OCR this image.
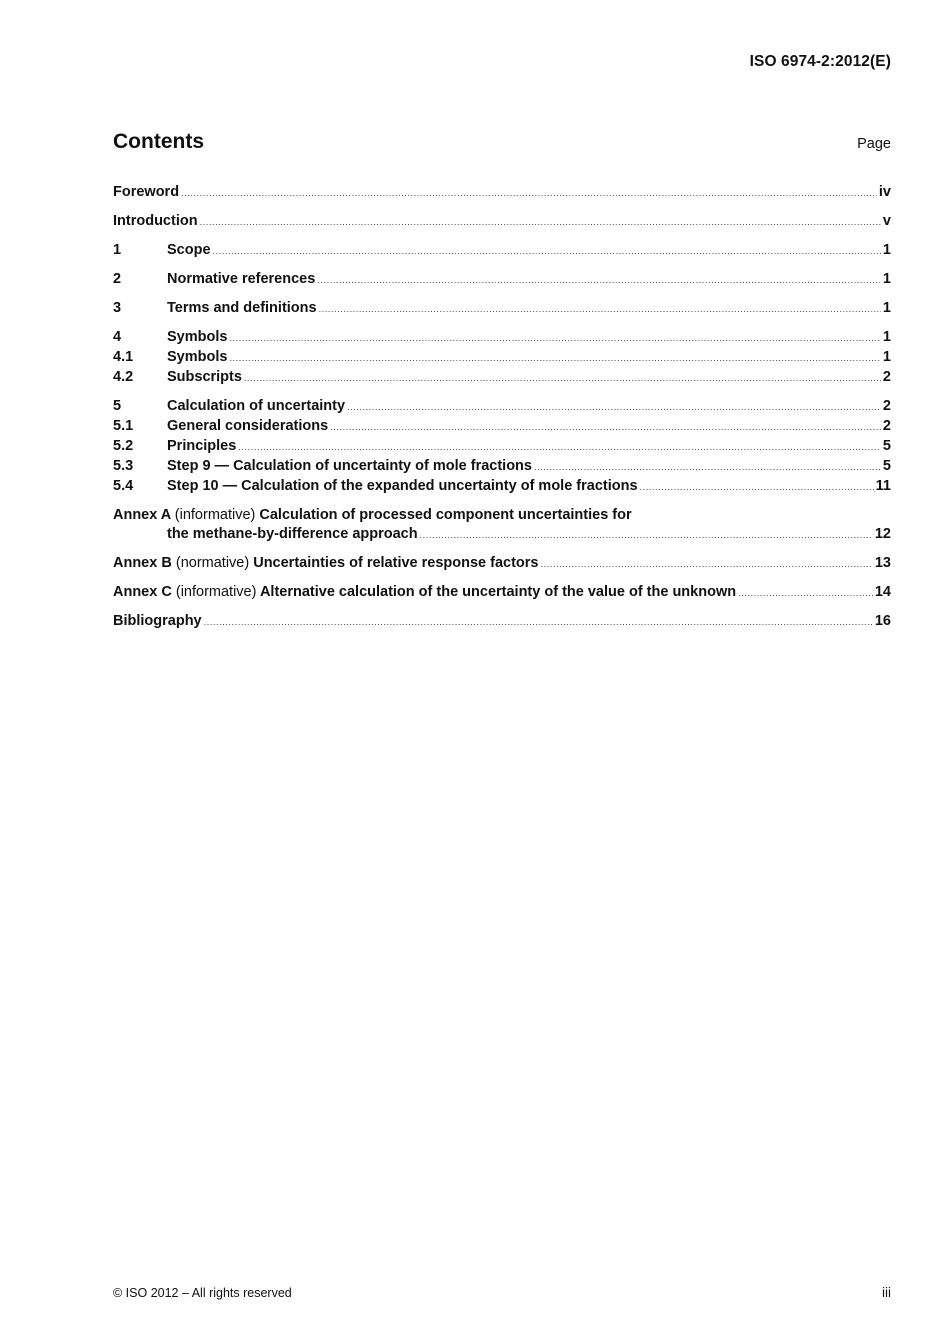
ISO 6974-2:2012(E)
Contents	Page
Foreword .....	iv
Introduction .....	v
1	Scope .....	1
2	Normative references .....	1
3	Terms and definitions .....	1
4	Symbols .....	1
4.1	Symbols .....	1
4.2	Subscripts .....	2
5	Calculation of uncertainty .....	2
5.1	General considerations .....	2
5.2	Principles .....	5
5.3	Step 9 — Calculation of uncertainty of mole fractions .....	5
5.4	Step 10 — Calculation of the expanded uncertainty of mole fractions .....	11
Annex A (informative) Calculation of processed component uncertainties for
the methane-by-difference approach .....	12
Annex B (normative) Uncertainties of relative response factors .....	13
Annex C (informative) Alternative calculation of the uncertainty of the value of the unknown .....	14
Bibliography .....	16
© ISO 2012 – All rights reserved	iii
